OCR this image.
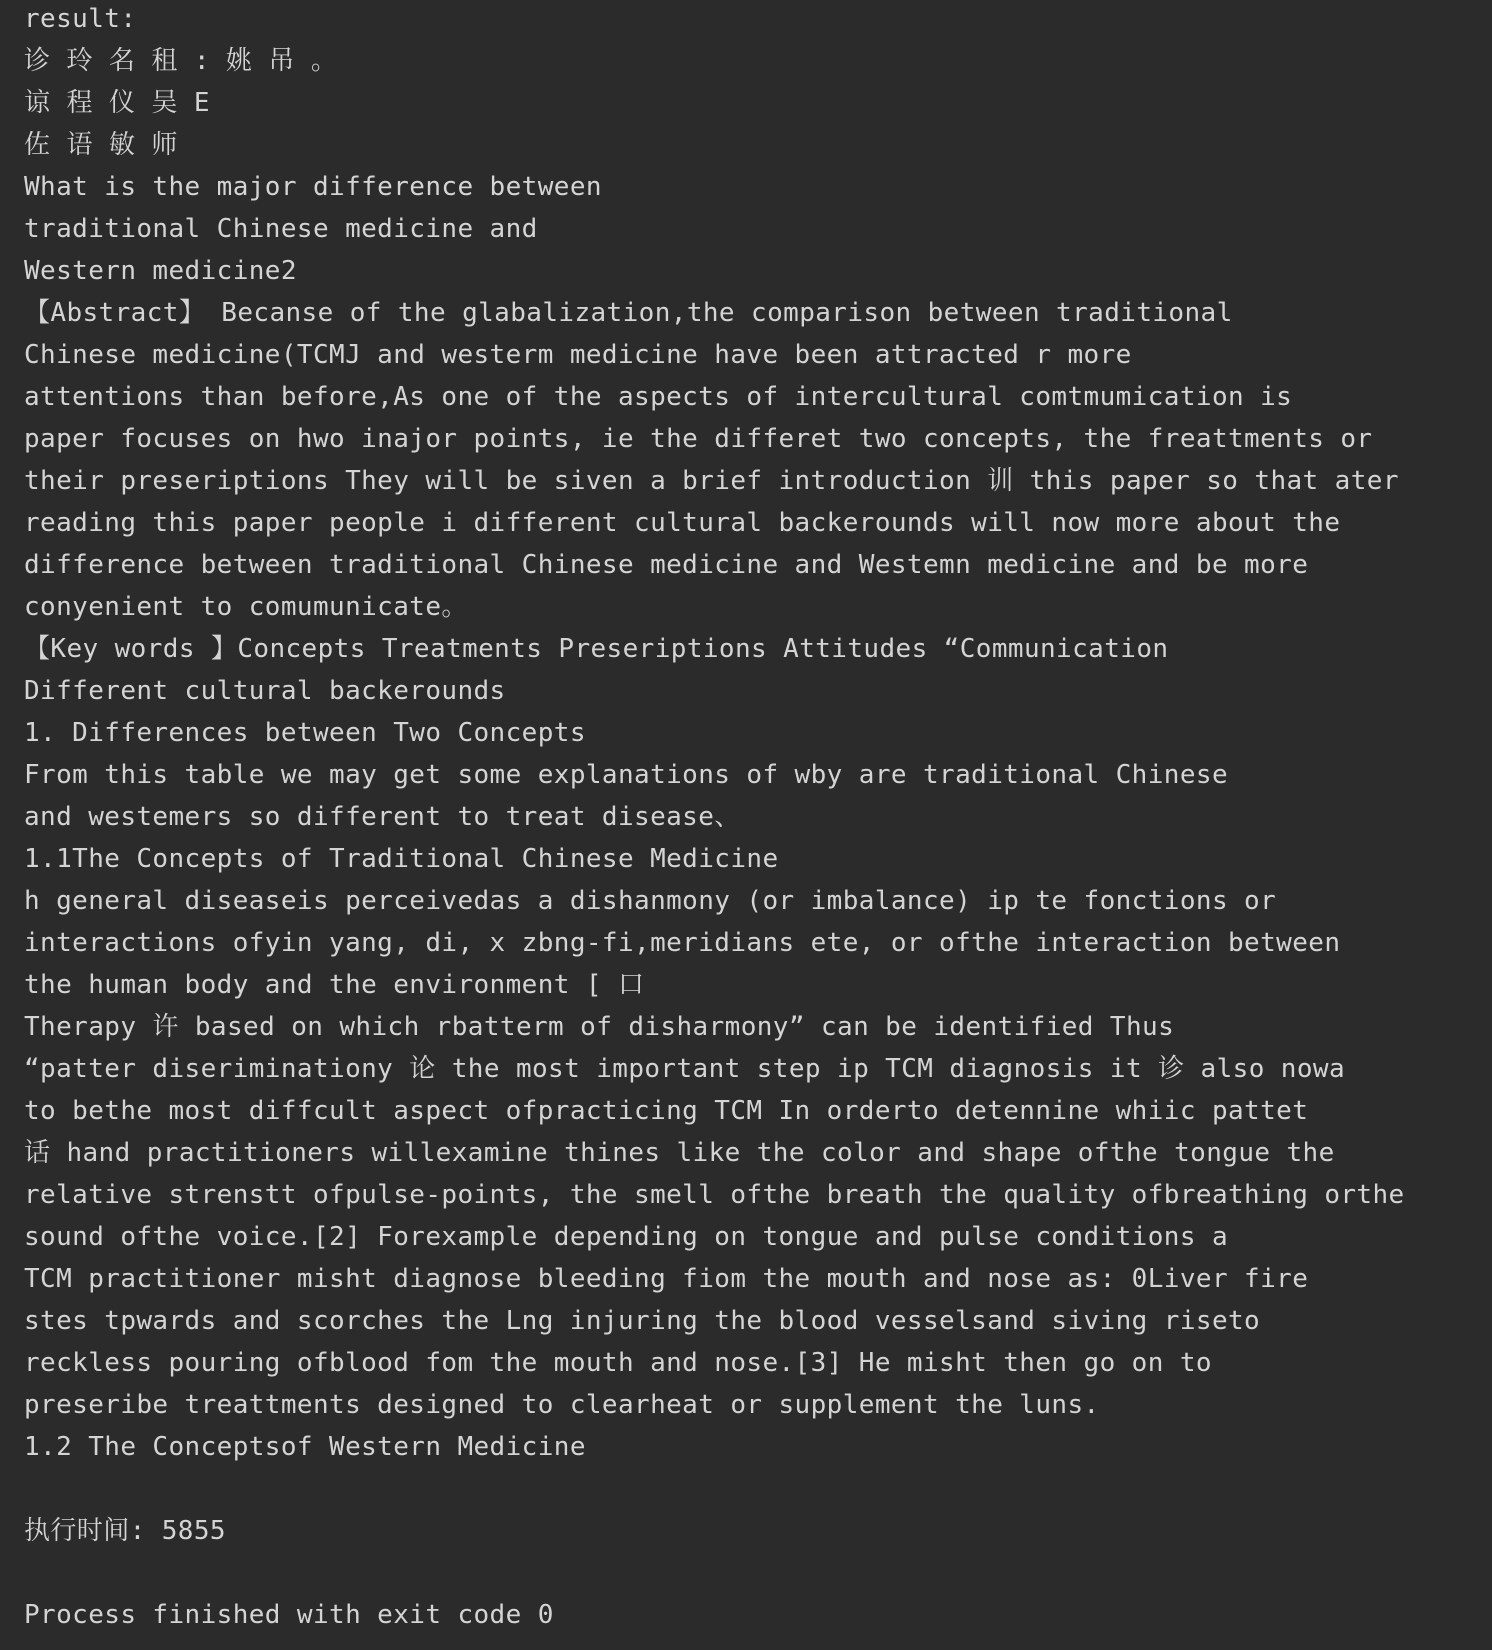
result:
诊 玲 名 租 : 姚 吊 。
谅 程 仪 吴 E
佐 语 敏 师
What is the major difference between
traditional Chinese medicine and
Western medicine2
【Abstract】 Becanse of the glabalization,the comparison between traditional
Chinese medicine(TCMJ and westerm medicine have been attracted r more
attentions than before,As one of the aspects of intercultural comtmumication is
paper focuses on hwo inajor points, ie the differet two concepts, the freattments or
their preseriptions They will be siven a brief introduction 训 this paper so that ater
reading this paper people i different cultural backerounds will now more about the
difference between traditional Chinese medicine and Westemn medicine and be more
conyenient to comumunicate。
【Key words 】Concepts Treatments Preseriptions Attitudes “Communication
Different cultural backerounds
1. Differences between Two Concepts
From this table we may get some explanations of wby are traditional Chinese
and westemers so different to treat disease、
1.1The Concepts of Traditional Chinese Medicine
h general diseaseis perceivedas a dishanmony (or imbalance) ip te fonctions or
interactions ofyin yang, di, x zbng-fi,meridians ete, or ofthe interaction between
the human body and the environment [ 口
Therapy 许 based on which rbatterm of disharmony” can be identified Thus
“patter diseriminationy 论 the most important step ip TCM diagnosis it 诊 also nowa
to bethe most diffcult aspect ofpracticing TCM In orderto detennine whiic pattet
话 hand practitioners willexamine thines like the color and shape ofthe tongue the
relative strenstt ofpulse-points, the smell ofthe breath the quality ofbreathing orthe
sound ofthe voice.[2] Forexample depending on tongue and pulse conditions a
TCM practitioner misht diagnose bleeding fiom the mouth and nose as: 0Liver fire
stes tpwards and scorches the Lng injuring the blood vesselsand siving riseto
reckless pouring ofblood fom the mouth and nose.[3] He misht then go on to
preseribe treattments designed to clearheat or supplement the luns.
1.2 The Conceptsof Western Medicine
执行时间: 5855
Process finished with exit code 0
